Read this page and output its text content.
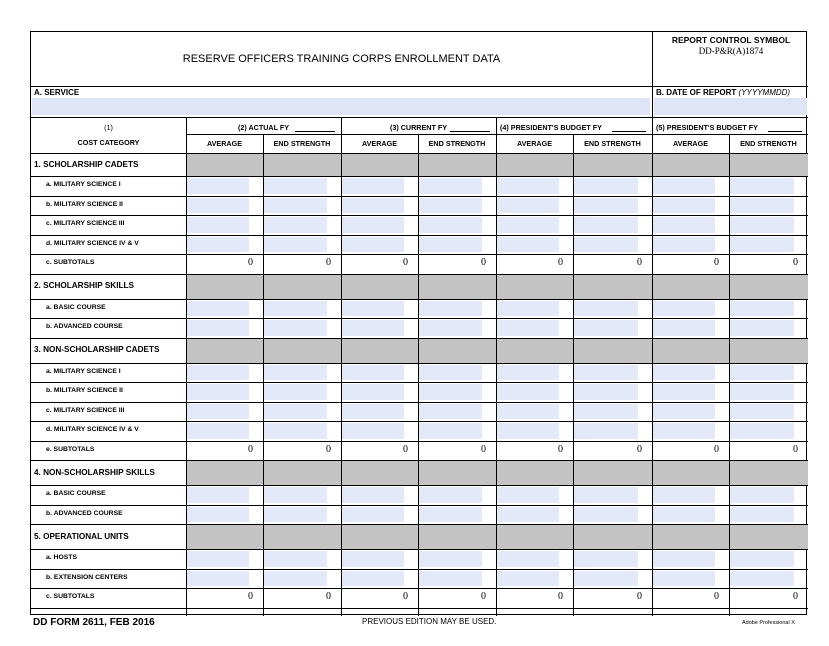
RESERVE OFFICERS TRAINING CORPS ENROLLMENT DATA
REPORT CONTROL SYMBOL
DD-P&R(A)1874
A. SERVICE	B. DATE OF REPORT (YYYYMMDD)
(1)
COST CATEGORY
(2) ACTUAL FY
AVERAGE	END STRENGTH
(3) CURRENT FY
AVERAGE	END STRENGTH
(4) PRESIDENT'S BUDGET FY
AVERAGE	END STRENGTH
(5) PRESIDENT'S BUDGET FY
AVERAGE	END STRENGTH
1. SCHOLARSHIP CADETS
a. MILITARY SCIENCE I
b. MILITARY SCIENCE II
c. MILITARY SCIENCE III
d. MILITARY SCIENCE IV & V
c. SUBTOTALS	0	0	0	0	0	0	0	0
2. SCHOLARSHIP SKILLS
a. BASIC COURSE
b. ADVANCED COURSE
3. NON-SCHOLARSHIP CADETS
a. MILITARY SCIENCE I
b. MILITARY SCIENCE II
c. MILITARY SCIENCE III
d. MILITARY SCIENCE IV & V
e. SUBTOTALS	0	0	0	0	0	0	0	0
4. NON-SCHOLARSHIP SKILLS
a. BASIC COURSE
b. ADVANCED COURSE
5. OPERATIONAL UNITS
a. HOSTS
b. EXTENSION CENTERS
c. SUBTOTALS	0	0	0	0	0	0	0	0
DD FORM 2611, FEB 2016	PREVIOUS EDITION MAY BE USED.	Adobe Professional X
